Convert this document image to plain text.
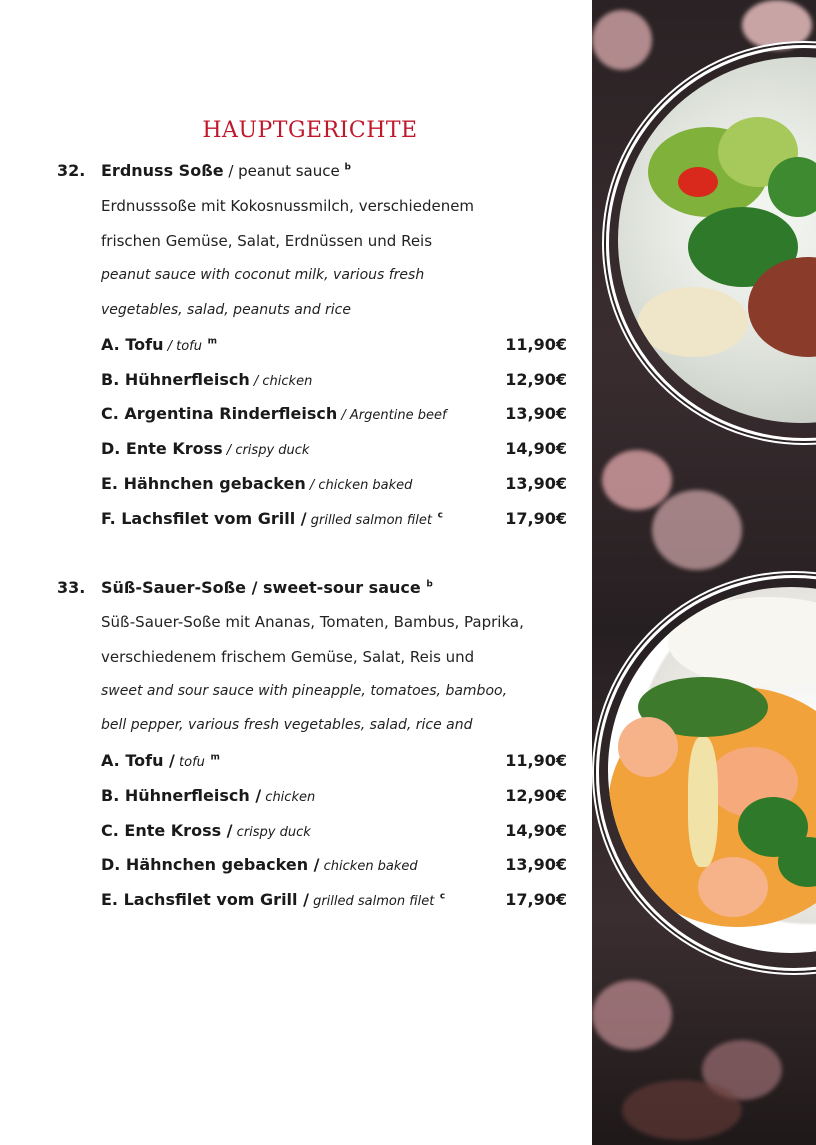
HAUPTGERICHTE
32. Erdnuss Soße / peanut sauce $^b$
Erdnusssoße mit Kokosnussmilch, verschiedenem
frischen Gemüse, Salat, Erdnüssen und Reis
peanut sauce with coconut milk, various fresh
vegetables, salad, peanuts and rice
A. Tofu / tofu $^m$	11,90€
B. Hühnerfleisch / chicken	12,90€
C. Argentina Rinderfleisch / Argentine beef	13,90€
D. Ente Kross / crispy duck	14,90€
E. Hähnchen gebacken / chicken baked	13,90€
F. Lachsfilet vom Grill / grilled salmon filet $^c$	17,90€
33. Süß-Sauer-Soße / sweet-sour sauce $^b$
Süß-Sauer-Soße mit Ananas, Tomaten, Bambus, Paprika,
verschiedenem frischem Gemüse, Salat, Reis und
sweet and sour sauce with pineapple, tomatoes, bamboo,
bell pepper, various fresh vegetables, salad, rice and
A. Tofu / tofu $^m$	11,90€
B. Hühnerfleisch / chicken	12,90€
C. Ente Kross / crispy duck	14,90€
D. Hähnchen gebacken / chicken baked	13,90€
E. Lachsfilet vom Grill / grilled salmon filet $^c$	17,90€
